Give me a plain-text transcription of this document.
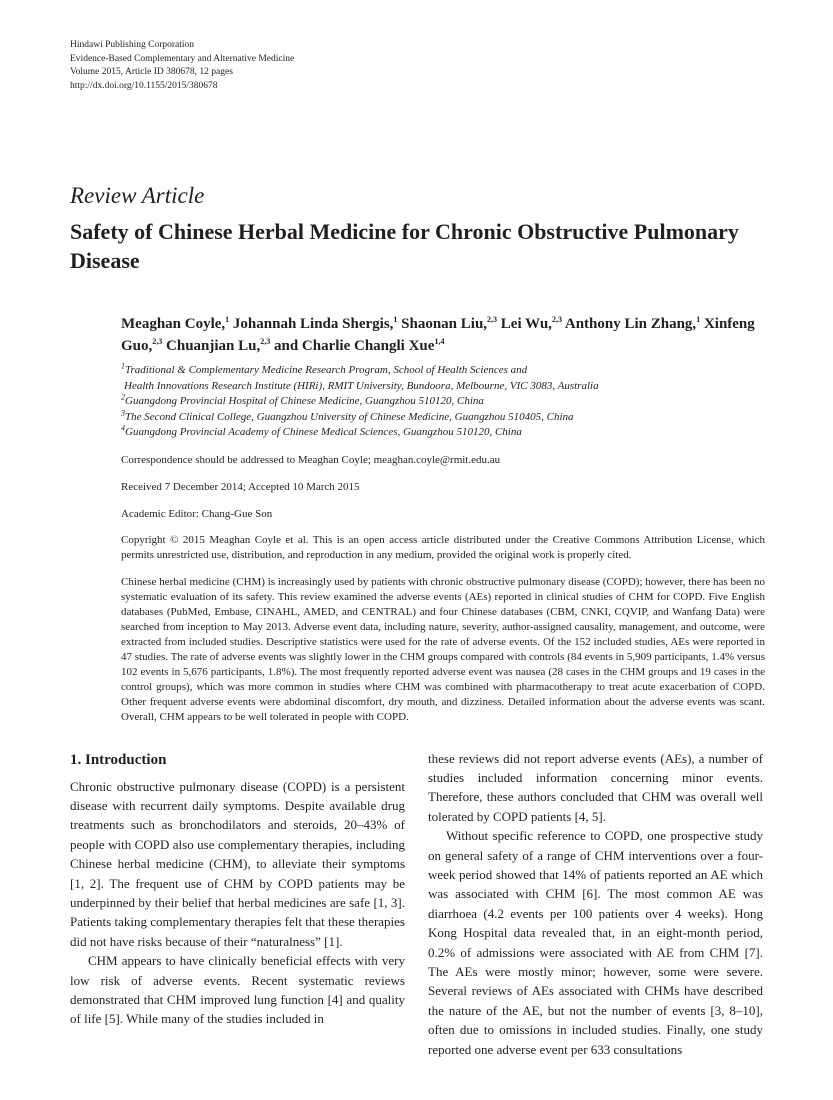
Hindawi Publishing Corporation
Evidence-Based Complementary and Alternative Medicine
Volume 2015, Article ID 380678, 12 pages
http://dx.doi.org/10.1155/2015/380678
Review Article
Safety of Chinese Herbal Medicine for Chronic Obstructive Pulmonary Disease
Meaghan Coyle,$^1$ Johannah Linda Shergis,$^1$ Shaonan Liu,$^{2,3}$ Lei Wu,$^{2,3}$ Anthony Lin Zhang,$^1$ Xinfeng Guo,$^{2,3}$ Chuanjian Lu,$^{2,3}$ and Charlie Changli Xue$^{1,4}$
$^1$Traditional & Complementary Medicine Research Program, School of Health Sciences and
Health Innovations Research Institute (HIRi), RMIT University, Bundoora, Melbourne, VIC 3083, Australia
$^2$Guangdong Provincial Hospital of Chinese Medicine, Guangzhou 510120, China
$^3$The Second Clinical College, Guangzhou University of Chinese Medicine, Guangzhou 510405, China
$^4$Guangdong Provincial Academy of Chinese Medical Sciences, Guangzhou 510120, China
Correspondence should be addressed to Meaghan Coyle; meaghan.coyle@rmit.edu.au
Received 7 December 2014; Accepted 10 March 2015
Academic Editor: Chang-Gue Son
Copyright © 2015 Meaghan Coyle et al. This is an open access article distributed under the Creative Commons Attribution License, which permits unrestricted use, distribution, and reproduction in any medium, provided the original work is properly cited.
Chinese herbal medicine (CHM) is increasingly used by patients with chronic obstructive pulmonary disease (COPD); however, there has been no systematic evaluation of its safety. This review examined the adverse events (AEs) reported in clinical studies of CHM for COPD. Five English databases (PubMed, Embase, CINAHL, AMED, and CENTRAL) and four Chinese databases (CBM, CNKI, CQVIP, and Wanfang Data) were searched from inception to May 2013. Adverse event data, including nature, severity, author-assigned causality, management, and outcome, were extracted from included studies. Descriptive statistics were used for the rate of adverse events. Of the 152 included studies, AEs were reported in 47 studies. The rate of adverse events was slightly lower in the CHM groups compared with controls (84 events in 5,909 participants, 1.4% versus 102 events in 5,676 participants, 1.8%). The most frequently reported adverse event was nausea (28 cases in the CHM groups and 19 cases in the control groups), which was more common in studies where CHM was combined with pharmacotherapy to treat acute exacerbation of COPD. Other frequent adverse events were abdominal discomfort, dry mouth, and dizziness. Detailed information about the adverse events was scant. Overall, CHM appears to be well tolerated in people with COPD.
1. Introduction

Chronic obstructive pulmonary disease (COPD) is a persistent disease with recurrent daily symptoms. Despite available drug treatments such as bronchodilators and steroids, 20–43% of people with COPD also use complementary therapies, including Chinese herbal medicine (CHM), to alleviate their symptoms [1, 2]. The frequent use of CHM by COPD patients may be underpinned by their belief that herbal medicines are safe [1, 3]. Patients taking complementary therapies felt that these therapies did not have risks because of their “naturalness” [1].

CHM appears to have clinically beneficial effects with very low risk of adverse events. Recent systematic reviews demonstrated that CHM improved lung function [4] and quality of life [5]. While many of the studies included in

these reviews did not report adverse events (AEs), a number of studies included information concerning minor events. Therefore, these authors concluded that CHM was overall well tolerated by COPD patients [4, 5].

Without specific reference to COPD, one prospective study on general safety of a range of CHM interventions over a four-week period showed that 14% of patients reported an AE which was associated with CHM [6]. The most common AE was diarrhoea (4.2 events per 100 patients over 4 weeks). Hong Kong Hospital data revealed that, in an eight-month period, 0.2% of admissions were associated with AE from CHM [7]. The AEs were mostly minor; however, some were severe. Several reviews of AEs associated with CHMs have described the nature of the AE, but not the number of events [3, 8–10], often due to omissions in included studies. Finally, one study reported one adverse event per 633 consultations
